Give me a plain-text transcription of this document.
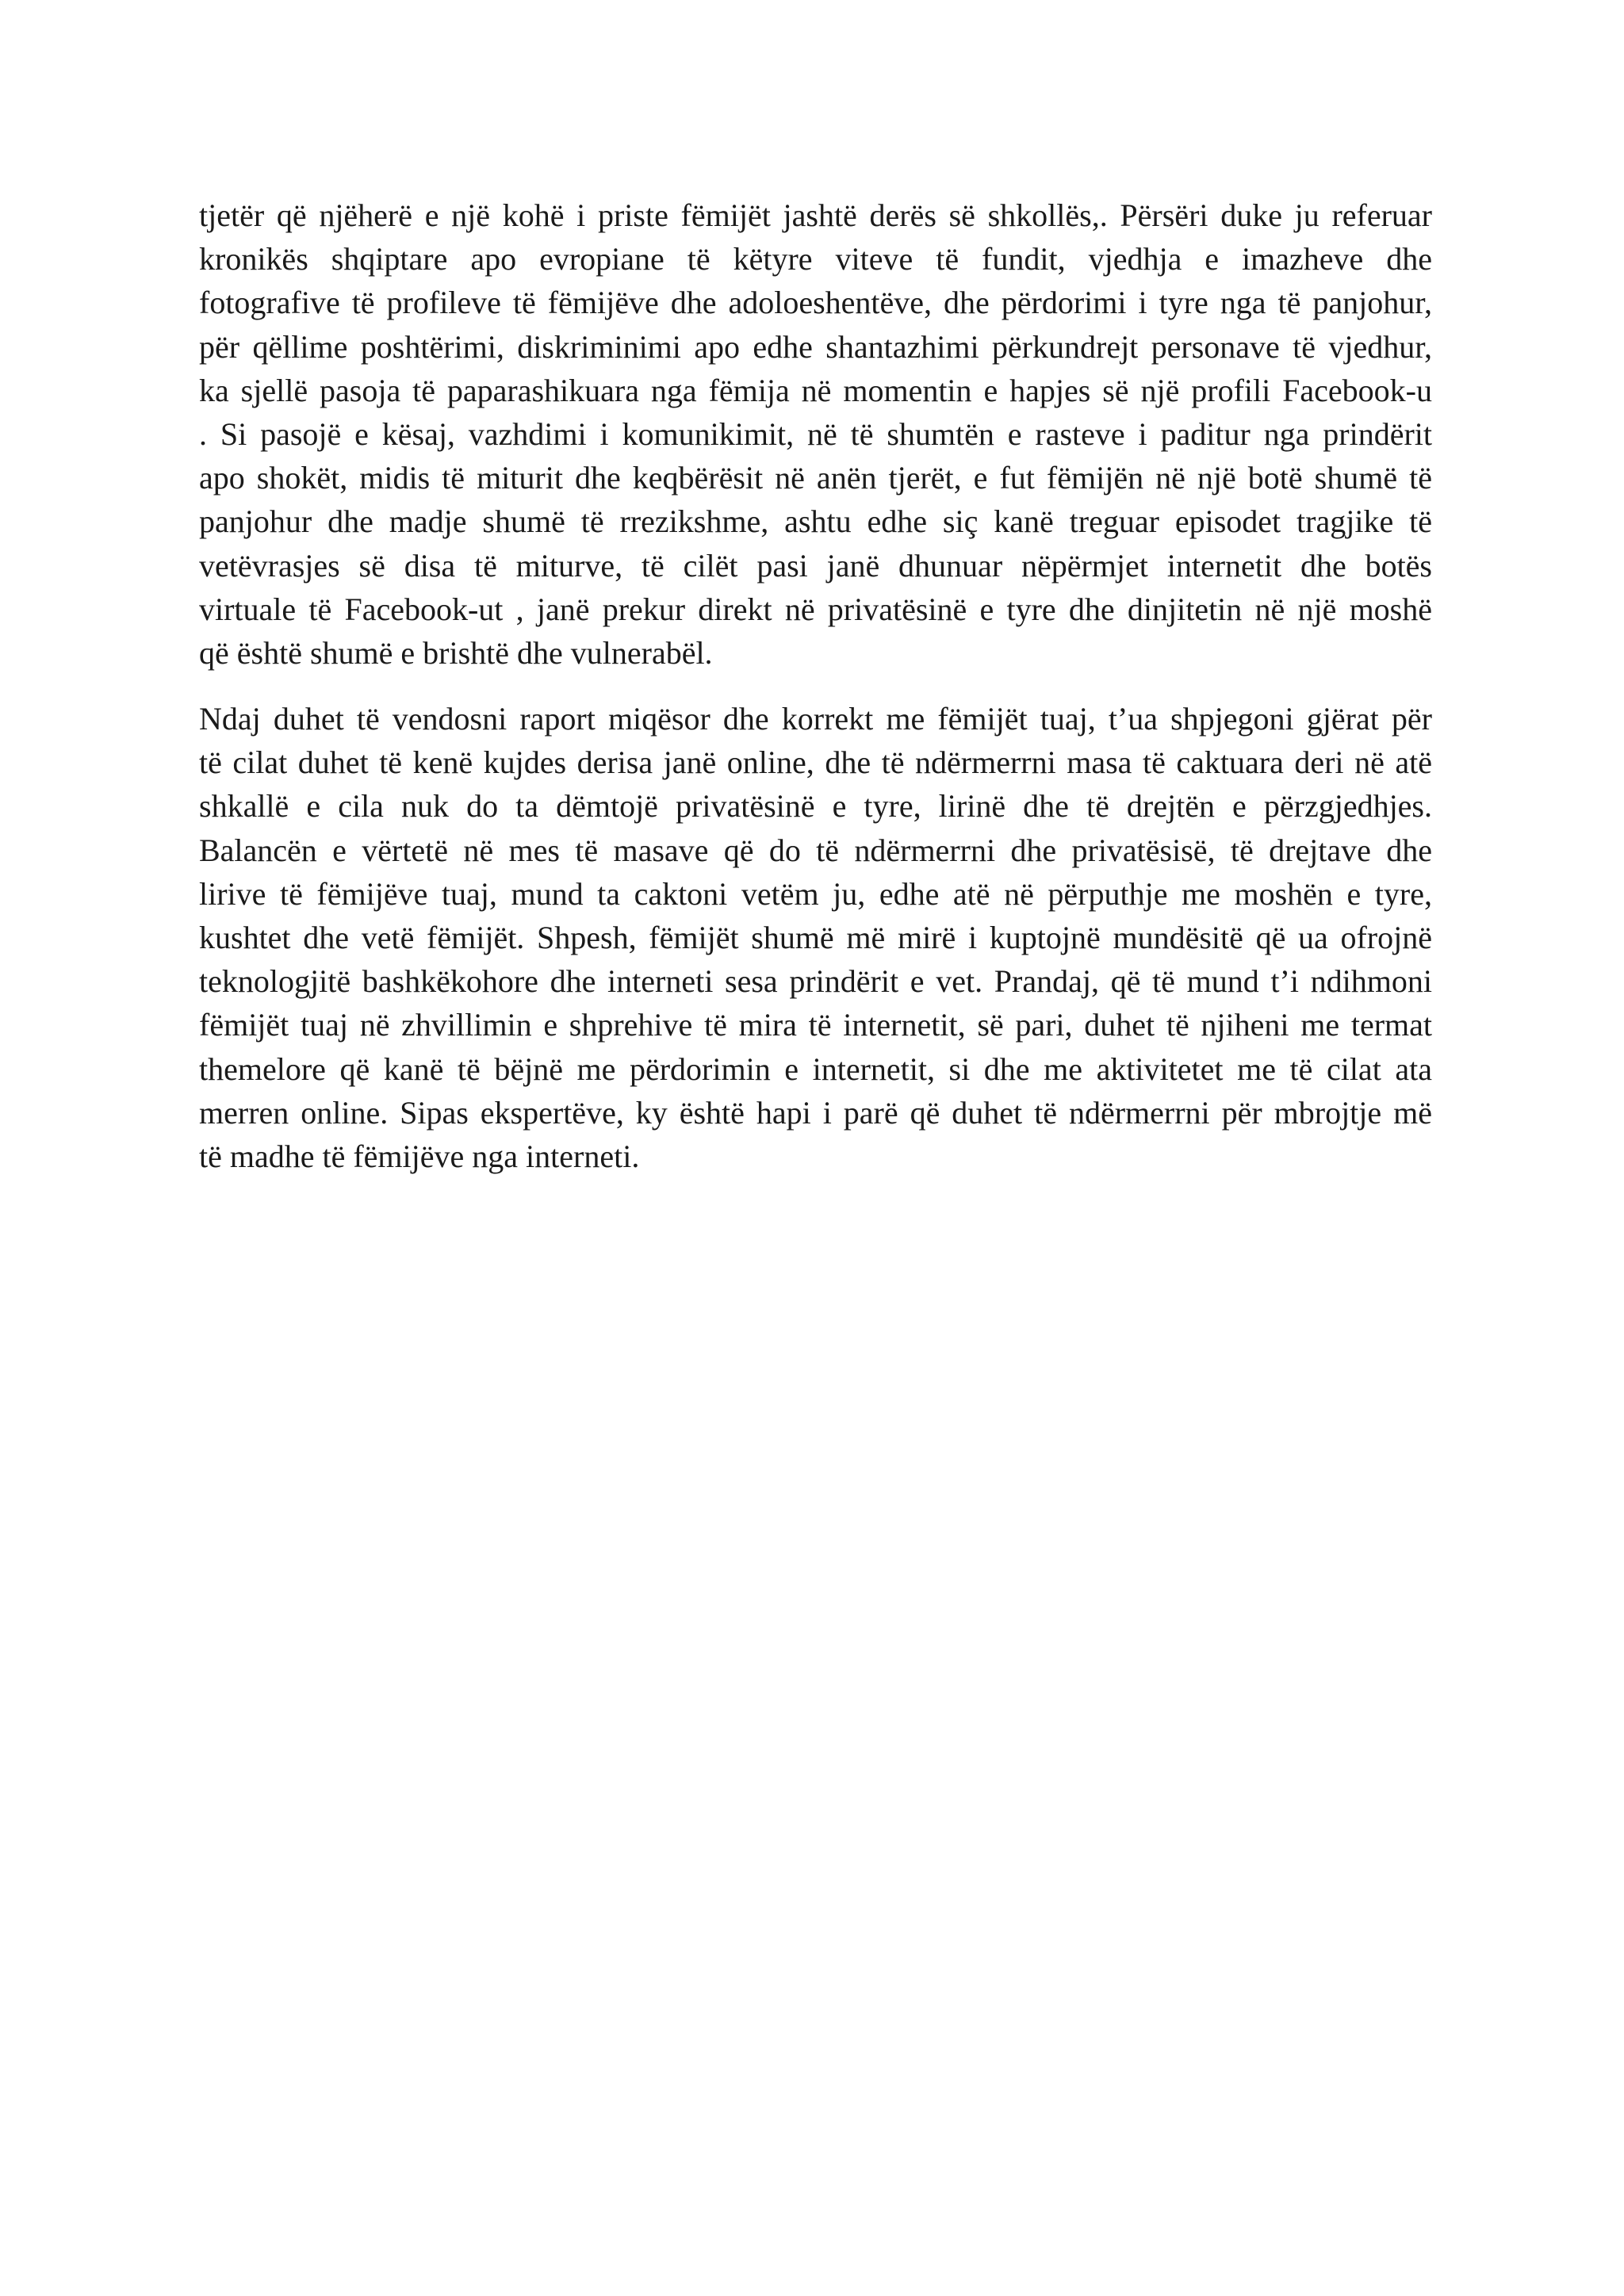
tjetër që njëherë e një kohë i priste fëmijët jashtë derës së shkollës,. Përsëri duke ju referuar
kronikës shqiptare apo evropiane të këtyre viteve të fundit, vjedhja e imazheve dhe
fotografive të profileve të fëmijëve dhe adoloeshentëve, dhe përdorimi i tyre nga të panjohur,
për qëllime poshtërimi, diskriminimi apo edhe shantazhimi përkundrejt personave të vjedhur,
ka sjellë pasoja të paparashikuara nga fëmija në momentin e hapjes së një profili Facebook-u
. Si pasojë e kësaj, vazhdimi i komunikimit, në të shumtën e rasteve i paditur nga prindërit
apo shokët, midis të miturit dhe keqbërësit në anën tjerët, e fut fëmijën në një botë shumë të
panjohur dhe madje shumë të rrezikshme, ashtu edhe siç kanë treguar episodet tragjike të
vetëvrasjes së disa të miturve, të cilët pasi janë dhunuar nëpërmjet internetit dhe botës
virtuale të Facebook-ut , janë prekur direkt në privatësinë e tyre dhe dinjitetin në një moshë
që është shumë e brishtë dhe vulnerabël.

Ndaj duhet të vendosni raport miqësor dhe korrekt me fëmijët tuaj, t’ua shpjegoni gjërat për
të cilat duhet të kenë kujdes derisa janë online, dhe të ndërmerrni masa të caktuara deri në atë
shkallë e cila nuk do ta dëmtojë privatësinë e tyre, lirinë dhe të drejtën e përzgjedhjes.
Balancën e vërtetë në mes të masave që do të ndërmerrni dhe privatësisë, të drejtave dhe
lirive të fëmijëve tuaj, mund ta caktoni vetëm ju, edhe atë në përputhje me moshën e tyre,
kushtet dhe vetë fëmijët. Shpesh, fëmijët shumë më mirë i kuptojnë mundësitë që ua ofrojnë
teknologjitë bashkëkohore dhe interneti sesa prindërit e vet. Prandaj, që të mund t’i ndihmoni
fëmijët tuaj në zhvillimin e shprehive të mira të internetit, së pari, duhet të njiheni me termat
themelore që kanë të bëjnë me përdorimin e internetit, si dhe me aktivitetet me të cilat ata
merren online. Sipas ekspertëve, ky është hapi i parë që duhet të ndërmerrni për mbrojtje më
të madhe të fëmijëve nga interneti.
